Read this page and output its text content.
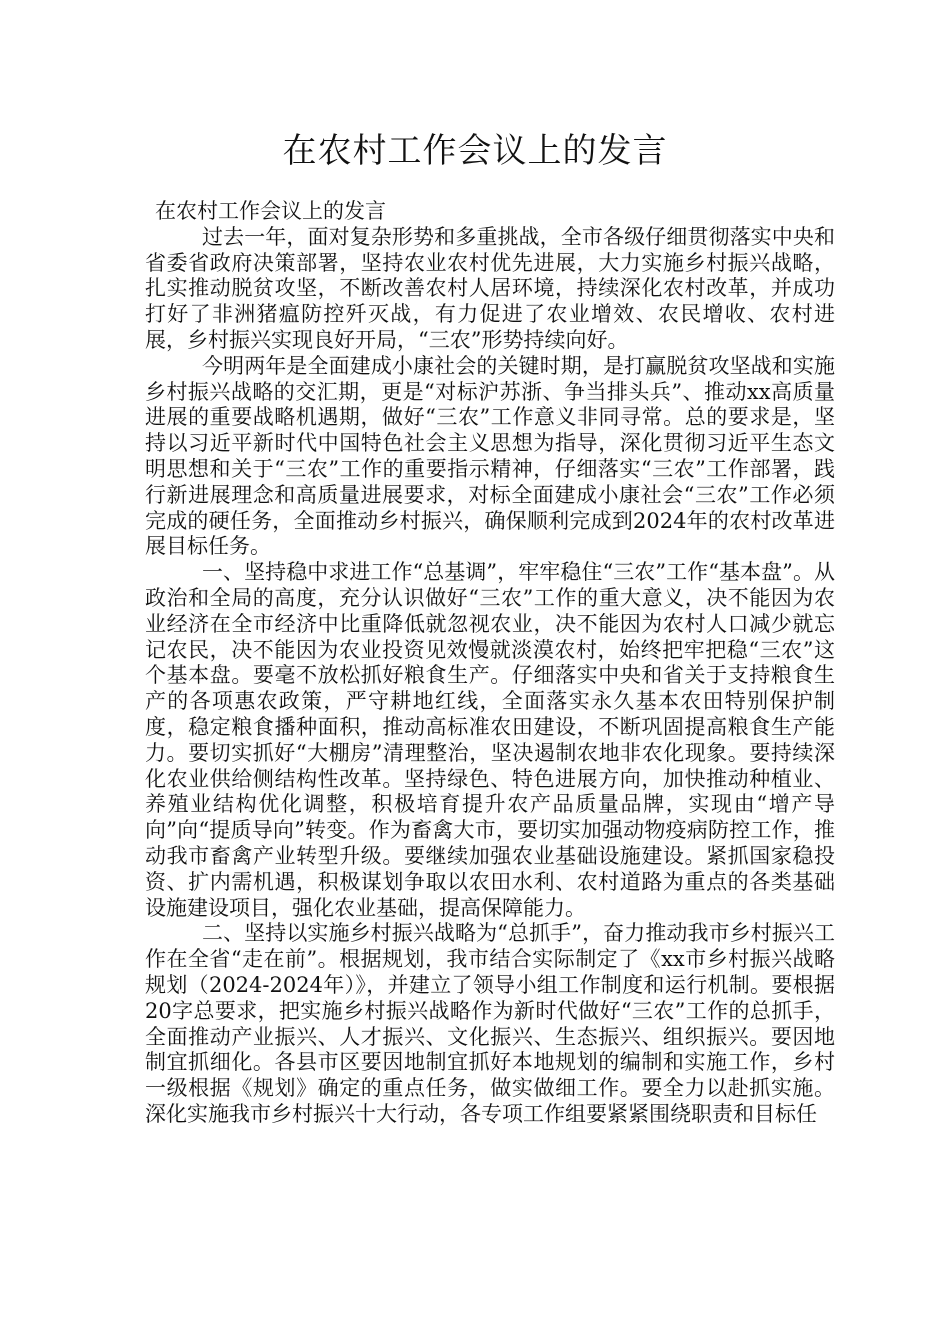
在农村工作会议上的发言

在农村工作会议上的发言

过去一年，面对复杂形势和多重挑战，全市各级仔细贯彻落实中央和省委省政府决策部署，坚持农业农村优先进展，大力实施乡村振兴战略，扎实推动脱贫攻坚，不断改善农村人居环境，持续深化农村改革，并成功打好了非洲猪瘟防控歼灭战，有力促进了农业增效、农民增收、农村进展，乡村振兴实现良好开局，“三农”形势持续向好。

今明两年是全面建成小康社会的关键时期，是打赢脱贫攻坚战和实施乡村振兴战略的交汇期，更是“对标沪苏浙、争当排头兵”、推动xx高质量进展的重要战略机遇期，做好“三农”工作意义非同寻常。总的要求是，坚持以习近平新时代中国特色社会主义思想为指导，深化贯彻习近平生态文明思想和关于“三农”工作的重要指示精神，仔细落实“三农”工作部署，践行新进展理念和高质量进展要求，对标全面建成小康社会“三农”工作必须完成的硬任务，全面推动乡村振兴，确保顺利完成到2024年的农村改革进展目标任务。

一、坚持稳中求进工作“总基调”，牢牢稳住“三农”工作“基本盘”。从政治和全局的高度，充分认识做好“三农”工作的重大意义，决不能因为农业经济在全市经济中比重降低就忽视农业，决不能因为农村人口减少就忘记农民，决不能因为农业投资见效慢就淡漠农村，始终把牢把稳“三农”这个基本盘。要毫不放松抓好粮食生产。仔细落实中央和省关于支持粮食生产的各项惠农政策，严守耕地红线，全面落实永久基本农田特别保护制度，稳定粮食播种面积，推动高标准农田建设，不断巩固提高粮食生产能力。要切实抓好“大棚房”清理整治，坚决遏制农地非农化现象。要持续深化农业供给侧结构性改革。坚持绿色、特色进展方向，加快推动种植业、养殖业结构优化调整，积极培育提升农产品质量品牌，实现由“增产导向”向“提质导向”转变。作为畜禽大市，要切实加强动物疫病防控工作，推动我市畜禽产业转型升级。要继续加强农业基础设施建设。紧抓国家稳投资、扩内需机遇，积极谋划争取以农田水利、农村道路为重点的各类基础设施建设项目，强化农业基础，提高保障能力。

二、坚持以实施乡村振兴战略为“总抓手”，奋力推动我市乡村振兴工作在全省“走在前”。根据规划，我市结合实际制定了《xx市乡村振兴战略规划（2024-2024年）》，并建立了领导小组工作制度和运行机制。要根据20字总要求，把实施乡村振兴战略作为新时代做好“三农”工作的总抓手，全面推动产业振兴、人才振兴、文化振兴、生态振兴、组织振兴。要因地制宜抓细化。各县市区要因地制宜抓好本地规划的编制和实施工作，乡村一级根据《规划》确定的重点任务，做实做细工作。要全力以赴抓实施。深化实施我市乡村振兴十大行动，各专项工作组要紧紧围绕职责和目标任
